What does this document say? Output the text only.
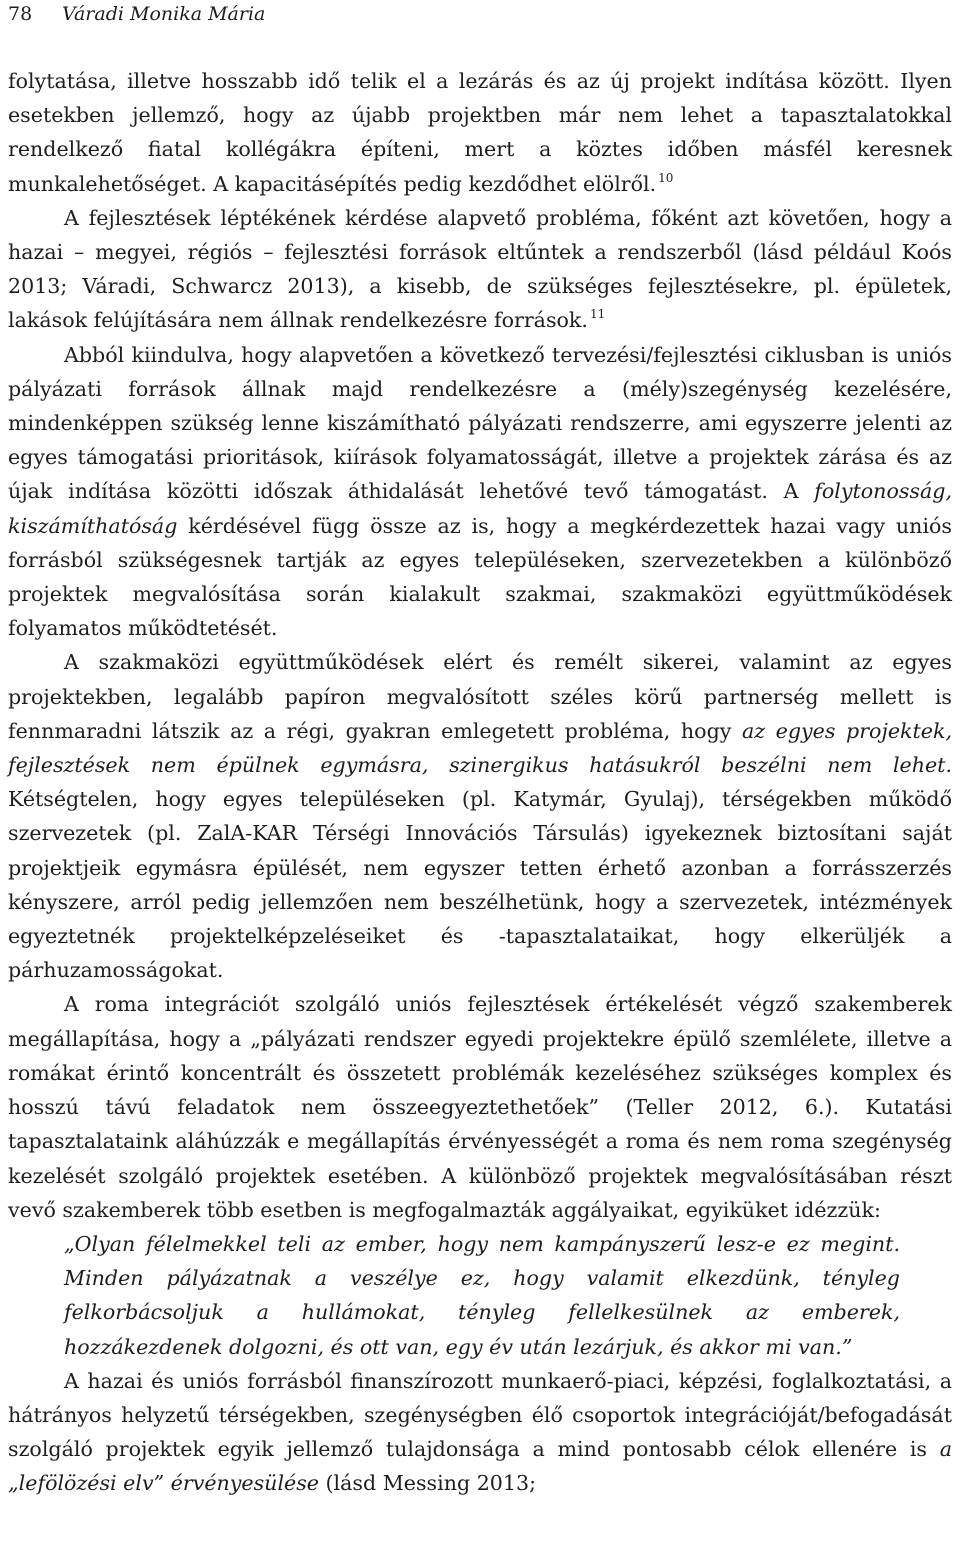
78 Váradi Monika Mária

folytatása, illetve hosszabb idő telik el a lezárás és az új projekt indítása között. Ilyen esetekben jellemző, hogy az újabb projektben már nem lehet a tapasztalatokkal rendelkező fiatal kollégákra építeni, mert a köztes időben másfél keresnek munkalehetőséget. A kapacitásépítés pedig kezdődhet elölről. $^{10}$

A fejlesztések léptékének kérdése alapvető probléma, főként azt követően, hogy a hazai – megyei, régiós – fejlesztési források eltűntek a rendszerből (lásd például Koós 2013; Váradi, Schwarcz 2013), a kisebb, de szükséges fejlesztésekre, pl. épületek, lakások felújítására nem állnak rendelkezésre források. $^{11}$

Abból kiindulva, hogy alapvetően a következő tervezési/fejlesztési ciklusban is uniós pályázati források állnak majd rendelkezésre a (mély)szegénység kezelésére, mindenképpen szükség lenne kiszámítható pályázati rendszerre, ami egyszerre jelenti az egyes támogatási prioritások, kiírások folyamatosságát, illetve a projektek zárása és az újak indítása közötti időszak áthidalását lehetővé tevő támogatást. A folytonosság, kiszámíthatóság kérdésével függ össze az is, hogy a megkérdezettek hazai vagy uniós forrásból szükségesnek tartják az egyes településeken, szervezetekben a különböző projektek megvalósítása során kialakult szakmai, szakmaközi együttműködések folyamatos működtetését.

A szakmaközi együttműködések elért és remélt sikerei, valamint az egyes projektekben, legalább papíron megvalósított széles körű partnerség mellett is fennmaradni látszik az a régi, gyakran emlegetett probléma, hogy az egyes projektek, fejlesztések nem épülnek egymásra, szinergikus hatásukról beszélni nem lehet. Kétségtelen, hogy egyes településeken (pl. Katymár, Gyulaj), térségekben működő szervezetek (pl. ZalA-KAR Térségi Innovációs Társulás) igyekeznek biztosítani saját projektjeik egymásra épülését, nem egyszer tetten érhető azonban a forrásszerzés kényszere, arról pedig jellemzően nem beszélhetünk, hogy a szervezetek, intézmények egyeztetnék projektelképzeléseiket és -tapasztalataikat, hogy elkerüljék a párhuzamosságokat.

A roma integrációt szolgáló uniós fejlesztések értékelését végző szakemberek megállapítása, hogy a „pályázati rendszer egyedi projektekre épülő szemlélete, illetve a romákat érintő koncentrált és összetett problémák kezeléséhez szükséges komplex és hosszú távú feladatok nem összeegyeztethetőek” (Teller 2012, 6.). Kutatási tapasztalataink aláhúzzák e megállapítás érvényességét a roma és nem roma szegénység kezelését szolgáló projektek esetében. A különböző projektek megvalósításában részt vevő szakemberek több esetben is megfogalmazták aggályaikat, egyiküket idézzük:

„Olyan félelmekkel teli az ember, hogy nem kampányszerű lesz-e ez megint. Minden pályázatnak a veszélye ez, hogy valamit elkezdünk, tényleg felkorbácsoljuk a hullámokat, tényleg fellelkesülnek az emberek, hozzákezdenek dolgozni, és ott van, egy év után lezárjuk, és akkor mi van.”

A hazai és uniós forrásból finanszírozott munkaerő-piaci, képzési, foglalkoztatási, a hátrányos helyzetű térségekben, szegénységben élő csoportok integrációját/befogadását szolgáló projektek egyik jellemző tulajdonsága a mind pontosabb célok ellenére is a „lefölözési elv” érvényesülése (lásd Messing 2013;
